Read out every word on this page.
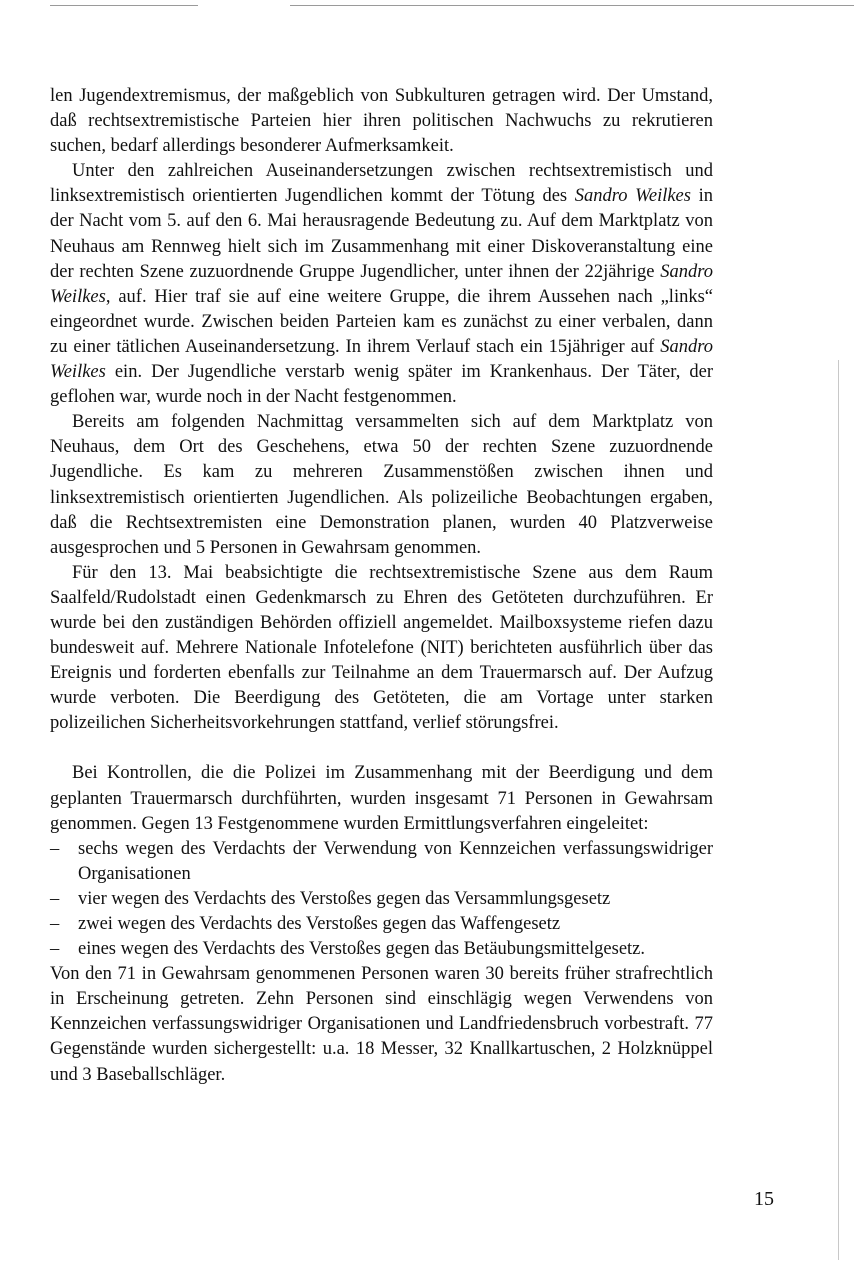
len Jugendextremismus, der maßgeblich von Subkulturen getragen wird. Der Umstand, daß rechtsextremistische Parteien hier ihren politischen Nachwuchs zu rekrutieren suchen, bedarf allerdings besonderer Aufmerksamkeit.

Unter den zahlreichen Auseinandersetzungen zwischen rechtsextremistisch und linksextremistisch orientierten Jugendlichen kommt der Tötung des Sandro Weilkes in der Nacht vom 5. auf den 6. Mai herausragende Bedeutung zu. Auf dem Marktplatz von Neuhaus am Rennweg hielt sich im Zusammenhang mit einer Diskoveranstaltung eine der rechten Szene zuzuordnende Gruppe Jugendlicher, unter ihnen der 22jährige Sandro Weilkes, auf. Hier traf sie auf eine weitere Gruppe, die ihrem Aussehen nach „links“ eingeordnet wurde. Zwischen beiden Parteien kam es zunächst zu einer verbalen, dann zu einer tätlichen Auseinandersetzung. In ihrem Verlauf stach ein 15jähriger auf Sandro Weilkes ein. Der Jugendliche verstarb wenig später im Krankenhaus. Der Täter, der geflohen war, wurde noch in der Nacht festgenommen.

Bereits am folgenden Nachmittag versammelten sich auf dem Marktplatz von Neuhaus, dem Ort des Geschehens, etwa 50 der rechten Szene zuzuordnende Jugendliche. Es kam zu mehreren Zusammenstößen zwischen ihnen und linksextremistisch orientierten Jugendlichen. Als polizeiliche Beobachtungen ergaben, daß die Rechtsextremisten eine Demonstration planen, wurden 40 Platzverweise ausgesprochen und 5 Personen in Gewahrsam genommen.

Für den 13. Mai beabsichtigte die rechtsextremistische Szene aus dem Raum Saalfeld/Rudolstadt einen Gedenkmarsch zu Ehren des Getöteten durchzuführen. Er wurde bei den zuständigen Behörden offiziell angemeldet. Mailboxsysteme riefen dazu bundesweit auf. Mehrere Nationale Infotelefone (NIT) berichteten ausführlich über das Ereignis und forderten ebenfalls zur Teilnahme an dem Trauermarsch auf. Der Aufzug wurde verboten. Die Beerdigung des Getöteten, die am Vortage unter starken polizeilichen Sicherheitsvorkehrungen stattfand, verlief störungsfrei.

Bei Kontrollen, die die Polizei im Zusammenhang mit der Beerdigung und dem geplanten Trauermarsch durchführten, wurden insgesamt 71 Personen in Gewahrsam genommen. Gegen 13 Festgenommene wurden Ermittlungsverfahren eingeleitet:

– sechs wegen des Verdachts der Verwendung von Kennzeichen verfassungswidriger Organisationen
– vier wegen des Verdachts des Verstoßes gegen das Versammlungsgesetz
– zwei wegen des Verdachts des Verstoßes gegen das Waffengesetz
– eines wegen des Verdachts des Verstoßes gegen das Betäubungsmittelgesetz.

Von den 71 in Gewahrsam genommenen Personen waren 30 bereits früher strafrechtlich in Erscheinung getreten. Zehn Personen sind einschlägig wegen Verwendens von Kennzeichen verfassungswidriger Organisationen und Landfriedensbruch vorbestraft. 77 Gegenstände wurden sichergestellt: u.a. 18 Messer, 32 Knallkartuschen, 2 Holzknüppel und 3 Baseballschläger.

15
